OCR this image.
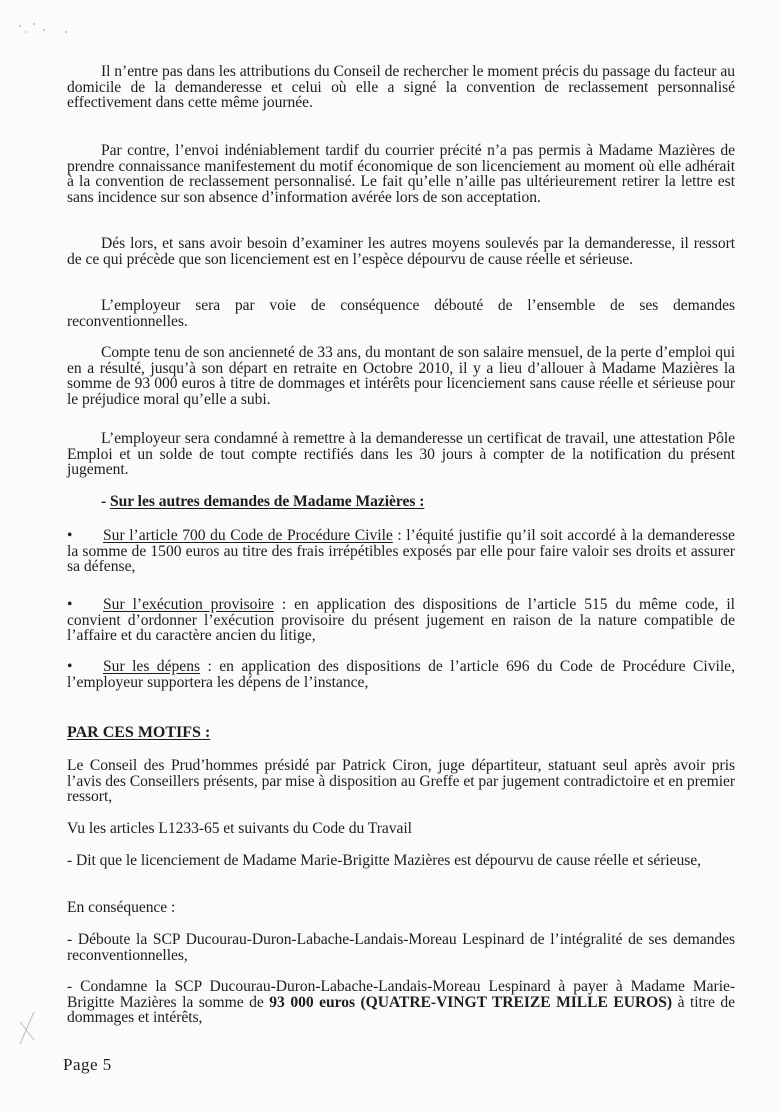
Il n’entre pas dans les attributions du Conseil de rechercher le moment précis du passage du facteur au domicile de la demanderesse et celui où elle a signé la convention de reclassement personnalisé effectivement dans cette même journée.
Par contre, l’envoi indéniablement tardif du courrier précité n’a pas permis à Madame Mazières de prendre connaissance manifestement du motif économique de son licenciement au moment où elle adhérait à la convention de reclassement personnalisé. Le fait qu’elle n’aille pas ultérieurement retirer la lettre est sans incidence sur son absence d’information avérée lors de son acceptation.
Dés lors, et sans avoir besoin d’examiner les autres moyens soulevés par la demanderesse, il ressort de ce qui précède que son licenciement est en l’espèce dépourvu de cause réelle et sérieuse.
L’employeur sera par voie de conséquence débouté de l’ensemble de ses demandes reconventionnelles.
Compte tenu de son ancienneté de 33 ans, du montant de son salaire mensuel, de la perte d’emploi qui en a résulté, jusqu’à son départ en retraite en Octobre 2010, il y a lieu d’allouer à Madame Mazières la somme de 93 000 euros à titre de dommages et intérêts pour licenciement sans cause réelle et sérieuse pour le préjudice moral qu’elle a subi.
L’employeur sera condamné à remettre à la demanderesse un certificat de travail, une attestation Pôle Emploi et un solde de tout compte rectifiés dans les 30 jours à compter de la notification du présent jugement.
- Sur les autres demandes de Madame Mazières :
• Sur l’article 700 du Code de Procédure Civile : l’équité justifie qu’il soit accordé à la demanderesse la somme de 1500 euros au titre des frais irrépétibles exposés par elle pour faire valoir ses droits et assurer sa défense,
• Sur l’exécution provisoire : en application des dispositions de l’article 515 du même code, il convient d’ordonner l’exécution provisoire du présent jugement en raison de la nature compatible de l’affaire et du caractère ancien du litige,
• Sur les dépens : en application des dispositions de l’article 696 du Code de Procédure Civile, l’employeur supportera les dépens de l’instance,
PAR CES MOTIFS :
Le Conseil des Prud’hommes présidé par Patrick Ciron, juge départiteur, statuant seul après avoir pris l’avis des Conseillers présents, par mise à disposition au Greffe et par jugement contradictoire et en premier ressort,
Vu les articles L1233-65 et suivants du Code du Travail
- Dit que le licenciement de Madame Marie-Brigitte Mazières est dépourvu de cause réelle et sérieuse,
En conséquence :
- Déboute la SCP Ducourau-Duron-Labache-Landais-Moreau Lespinard de l’intégralité de ses demandes reconventionnelles,
- Condamne la SCP Ducourau-Duron-Labache-Landais-Moreau Lespinard à payer à Madame Marie-Brigitte Mazières la somme de 93 000 euros (QUATRE-VINGT TREIZE MILLE EUROS) à titre de dommages et intérêts,
Page 5
